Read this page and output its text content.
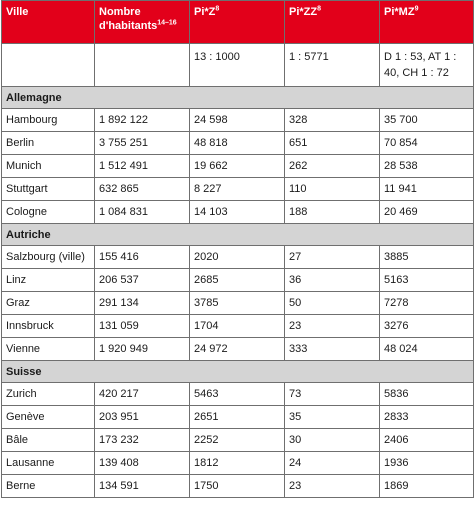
Ville	Nombre d'habitants$^{14-16}$	$Pi*Z^8$	$Pi*ZZ^8$	$Pi*MZ^9$
		13 : 1000	1 : 5771	D 1 : 53, AT 1 : 40, CH 1 : 72
Allemagne				
Hambourg	1 892 122	24 598	328	35 700
Berlin	3 755 251	48 818	651	70 854
Munich	1 512 491	19 662	262	28 538
Stuttgart	632 865	8 227	110	11 941
Cologne	1 084 831	14 103	188	20 469
Autriche				
Salzbourg (ville)	155 416	2020	27	3885
Linz	206 537	2685	36	5163
Graz	291 134	3785	50	7278
Innsbruck	131 059	1704	23	3276
Vienne	1 920 949	24 972	333	48 024
Suisse				
Zurich	420 217	5463	73	5836
Genève	203 951	2651	35	2833
Bâle	173 232	2252	30	2406
Lausanne	139 408	1812	24	1936
Berne	134 591	1750	23	1869
